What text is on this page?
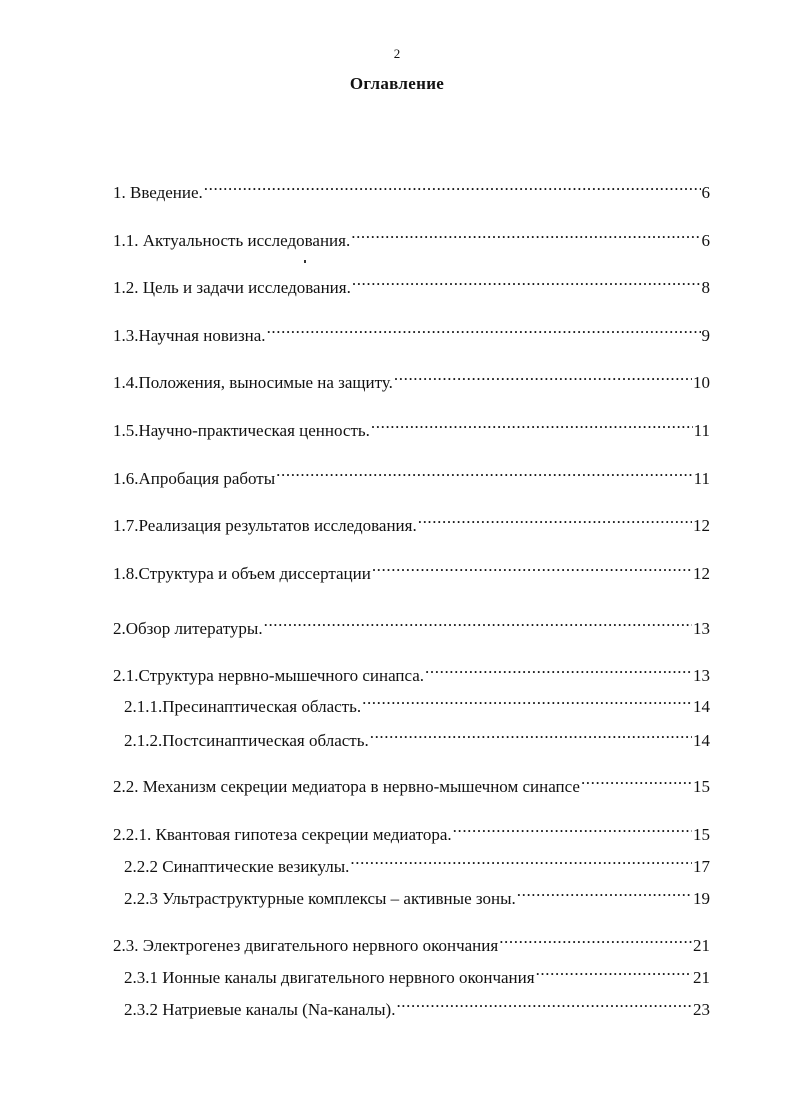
2
Оглавление
1. Введение. .....	6
1.1. Актуальность исследования. .....	6
1.2. Цель и задачи исследования. .....	8
1.3.Научная новизна. .....	9
1.4.Положения, выносимые на защиту. .....	10
1.5.Научно-практическая ценность. .....	11
1.6.Апробация работы .....	11
1.7.Реализация результатов исследования. .....	12
1.8.Структура и объем диссертации .....	12
2.Обзор литературы. .....	13
2.1.Структура нервно-мышечного синапса. .....	13
2.1.1.Пресинаптическая область. .....	14
2.1.2.Постсинаптическая область. .....	14
2.2. Механизм секреции медиатора в нервно-мышечном синапсе .....	15
2.2.1. Квантовая гипотеза секреции медиатора. .....	15
2.2.2 Синаптические везикулы. .....	17
2.2.3 Ультраструктурные комплексы – активные зоны. .....	19
2.3. Электрогенез двигательного нервного окончания .....	21
2.3.1 Ионные каналы двигательного нервного окончания .....	21
2.3.2 Натриевые каналы (Na-каналы). .....	23
